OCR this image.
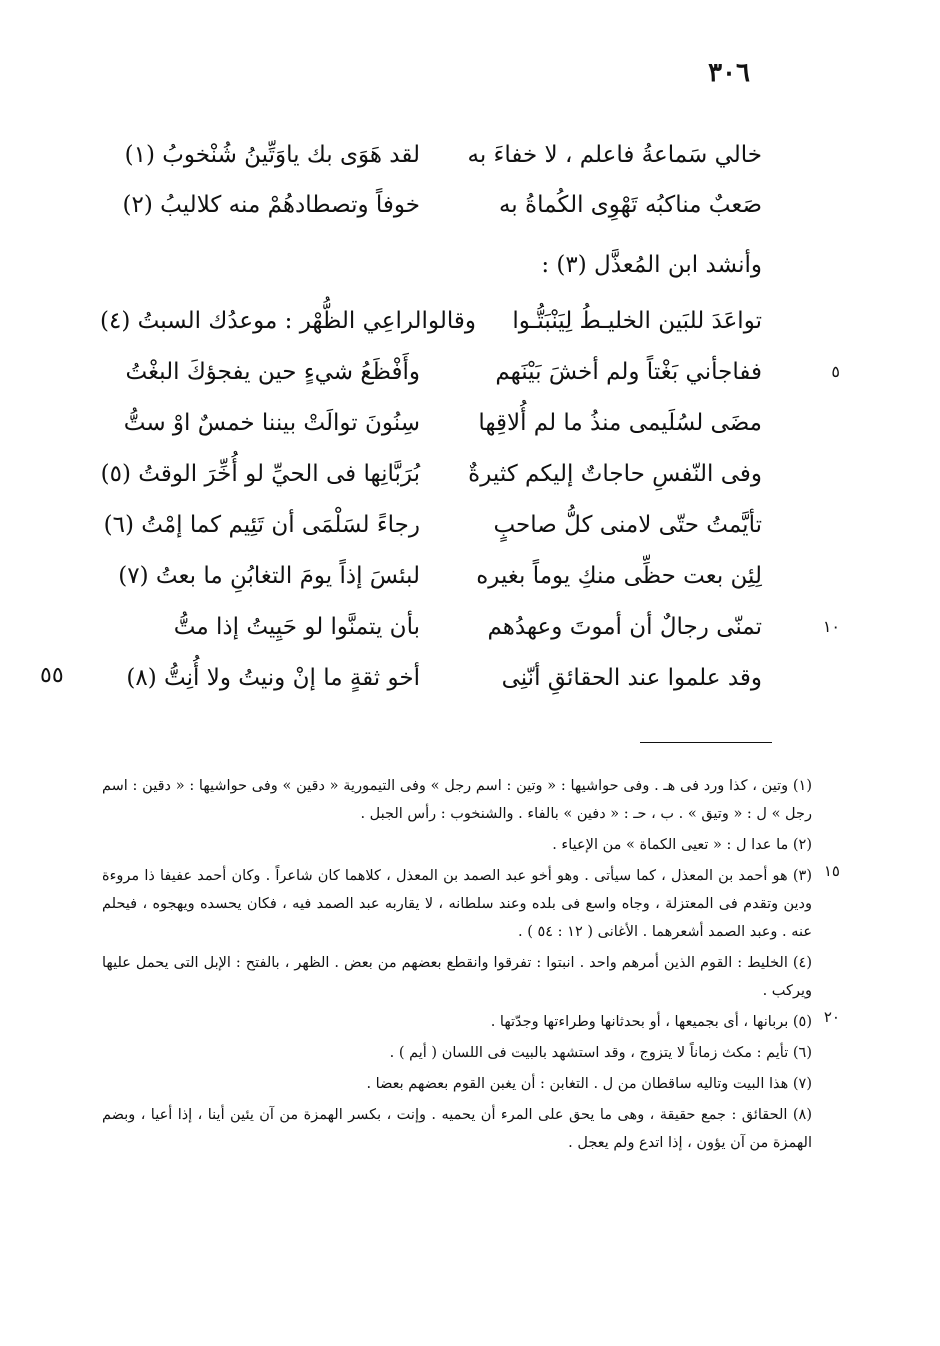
٣٠٦
خالي سَماعةُ فاعلم ، لا خفاءَ به
لقد هَوَى بك ياوَتِّينُ شُنْخوبُ (١)
صَعبٌ مناكبُه تَهْوِى الكُماةُ به
خوفاً وتصطادهُمْ منه كلاليبُ (٢)
وأنشد ابن المُعذَّل (٣) :
تواعَدَ للبَين الخليـطُ لِيَنْبَتُّـوا
وقالوالراعِي الظُّهْر : موعدُك السبتُ (٤)
ففاجأني بَغْتاً ولم أخشَ بَيْنَهم
وأَفْظَعُ شيءٍ حين يفجؤكَ البغْتُ	٥
مضَى لسُلَيمى منذُ ما لم أُلاقِها
سِنُونَ توالَتْ بيننا خمسٌ اوْ ستُّ
وفى النّفسِ حاجاتٌ إليكم كثيرةٌ
بُرَبَّانِها فى الحيِّ لو أُخِّرَ الوقتُ (٥)
تأيَّمتُ حتّى لامنى كلُّ صاحبٍ
رجاءً لسَلْمَى أن تَئِيم كما إمْتُ (٦)
لِئِن بعت حظِّى منكِ يوماً بغيره
لبئسَ إذاً يومَ التغابُنِ ما بعتُ (٧)
تمنّى رجالٌ أن أموتَ وعهدُهم
بأن يتمنَّوا لو حَيِيتُ إذا متُّ	١٠
وقد علموا عند الحقائقِ أنّنِى
أخو ثقةٍ ما إنْ ونيتُ ولا أُنِتُّ (٨)
٥٥
(١) وتين ، كذا ورد فى هـ . وفى حواشيها : « وتين : اسم رجل » وفى التيمورية « دقين » وفى حواشيها : « دقين : اسم رجل » ل : « وتيق » . ب ، حـ : « دفين » بالفاء . والشنخوب : رأس الجبل .
(٢) ما عدا ل : « تعيى الكماة » من الإعياء .
(٣) هو أحمد بن المعذل ، كما سيأتى . وهو أخو عبد الصمد بن المعذل ، كلاهما كان شاعراً . وكان أحمد عفيفا ذا مروءة ودين وتقدم فى المعتزلة ، وجاه واسع فى بلده وعند سلطانه ، لا يقاربه عبد الصمد فيه ، فكان يحسده ويهجوه ، فيحلم عنه . وعبد الصمد أشعرهما . الأغانى ( ١٢ : ٥٤ ) .
(٤) الخليط : القوم الذين أمرهم واحد . انبتوا : تفرقوا وانقطع بعضهم من بعض . الظهر ، بالفتح : الإبل التى يحمل عليها ويركب .
(٥) بربانها ، أى بجميعها ، أو بحدثانها وطراءتها وجدّتها .
(٦) تأيم : مكث زماناً لا يتزوج ، وقد استشهد بالبيت فى اللسان ( أيم ) .
(٧) هذا البيت وتاليه ساقطان من ل . التغابن : أن يغبن القوم بعضهم بعضا .
(٨) الحقائق : جمع حقيقة ، وهى ما يحق على المرء أن يحميه . وإنت ، بكسر الهمزة من آن يئين أينا ، إذا أعيا ، وبضم الهمزة من آن يؤون ، إذا اتدع ولم يعجل .
١٥
٢٠
